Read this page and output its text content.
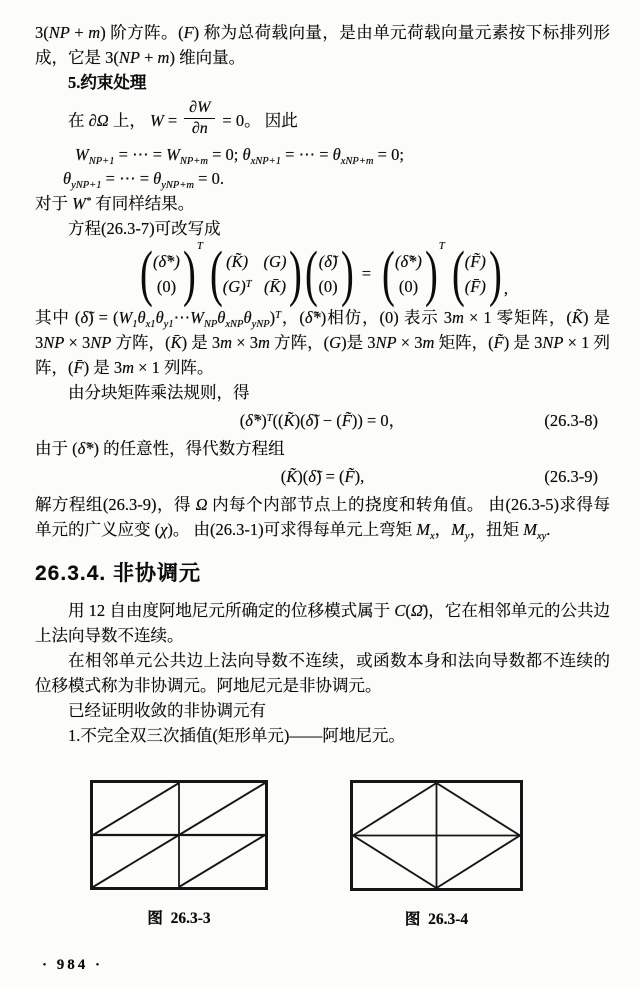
3(NP + m) 阶方阵。(F) 称为总荷载向量，是由单元荷载向量元素按下标排列形成，它是 3(NP + m) 维向量。

5.约束处理

在 ∂Ω 上， $W = \frac{\partial W}{\partial n} = 0$。 因此
$W_{NP+1}$ = ⋯ = $W_{NP+m} = 0$; $\theta_{xNP+1}$ = ⋯ = $\theta_{xNP+m} = 0$;
$\theta_{yNP+1}$ = ⋯ = $\theta_{yNP+m} = 0$.

对于 W* 有同样结果。

方程(26.3-7)可改写成

( (δ̃*)
(0) ) T ( (K̃) (G)
$(G)^T$ (K̄) ) ( (δ̃)
(0) ) = ( (δ̃*)
(0) ) T ( (F̃)
(F̄) ) ,

其中 (δ̃) = $(W_1\theta_{x1}\theta_{y1}\cdots W_{NP}\theta_{xNP}\theta_{yNP})^T$，(δ̃*)相仿，(0) 表示 3m × 1 零矩阵，(K̃) 是 3NP × 3NP 方阵，(K̄) 是 3m × 3m 方阵，(G)是 3NP × 3m 矩阵，(F̃) 是 3NP × 1 列阵，(F̄) 是 3m × 1 列阵。

由分块矩阵乘法规则，得

(δ̃*)$^T$((K̃)(δ̃) − (F̃)) = 0，	(26.3-8)

由于 (δ̃*) 的任意性，得代数方程组

(K̃)(δ̃) = (F̃),	(26.3-9)

解方程组(26.3-9)，得 Ω 内每个内部节点上的挠度和转角值。 由(26.3-5)求得每单元的广义应变 (χ)。 由(26.3-1)可求得每单元上弯矩 $M_x$，$M_y$，扭矩 $M_{xy}$.

26.3.4. 非协调元

用 12 自由度阿地尼元所确定的位移模式属于 C(Ω̄)，它在相邻单元的公共边上法向导数不连续。

在相邻单元公共边上法向导数不连续，或函数本身和法向导数都不连续的位移模式称为非协调元。阿地尼元是非协调元。

已经证明收敛的非协调元有

1.不完全双三次插值(矩形单元)——阿地尼元。

图  26.3-3	图  26.3-4
· 984 ·
